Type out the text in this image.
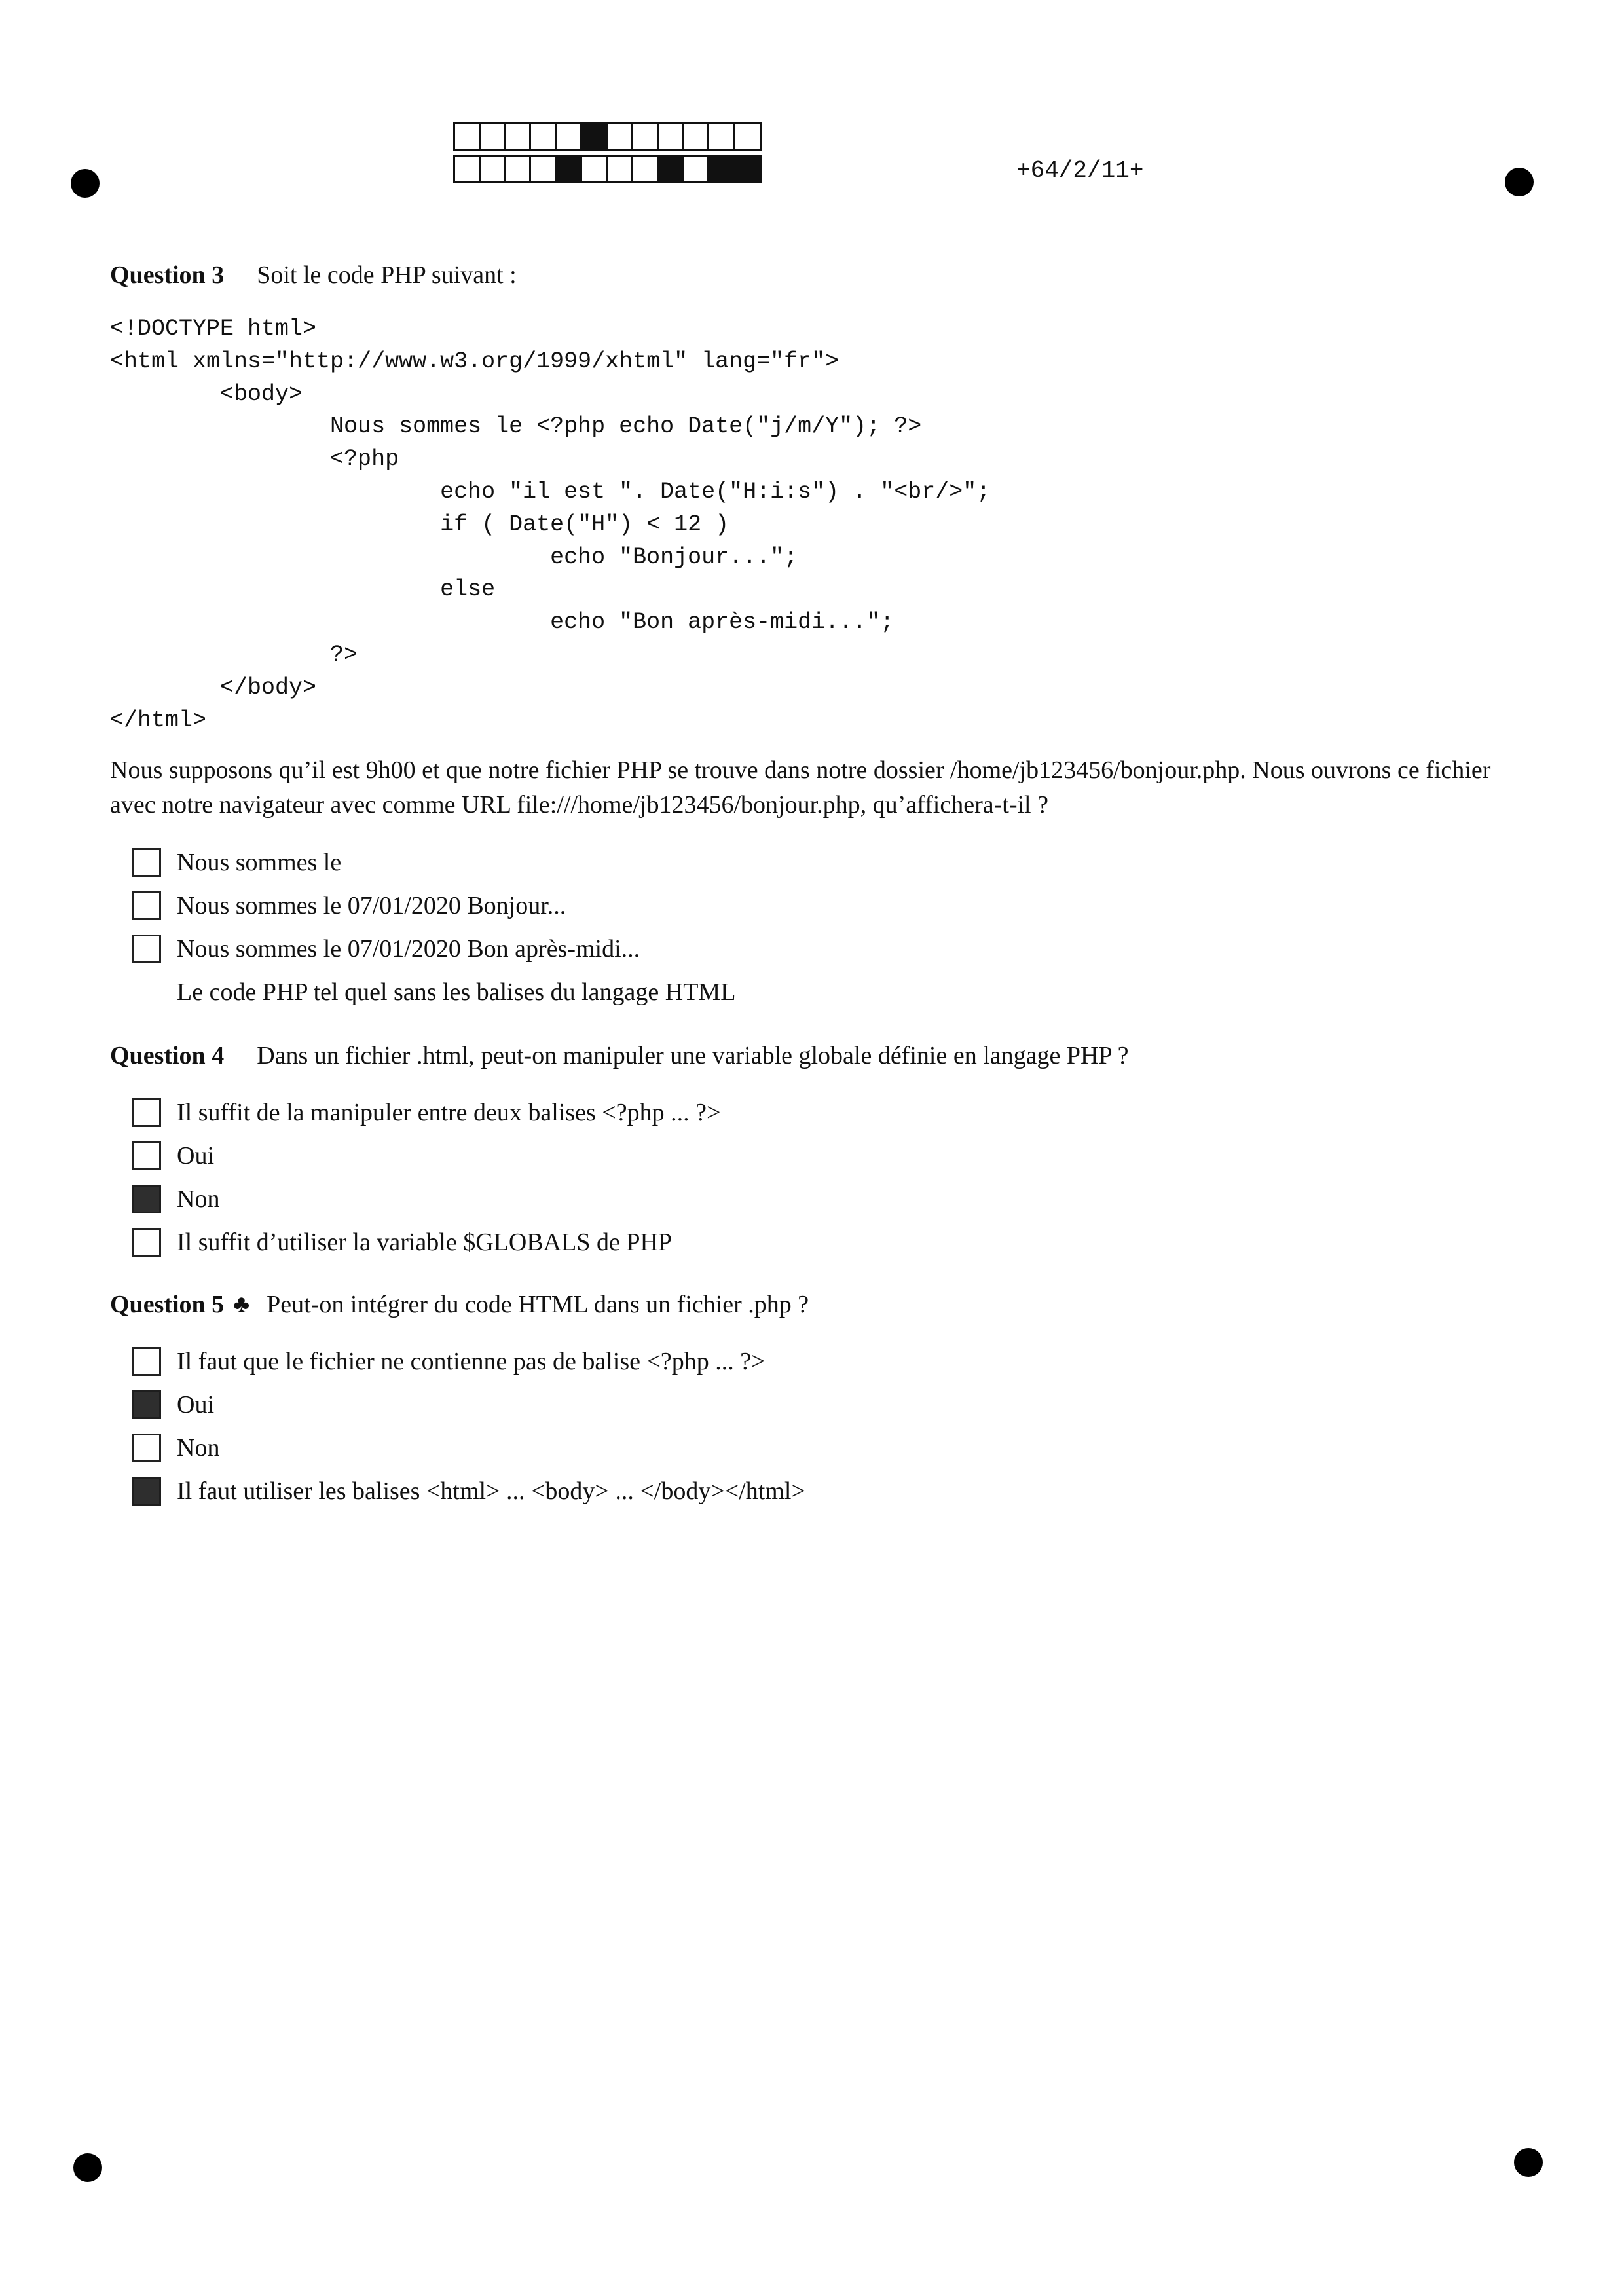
+64/2/11+
Question 3 Soit le code PHP suivant :
<!DOCTYPE html>
<html xmlns="http://www.w3.org/1999/xhtml" lang="fr">
<body>
Nous sommes le <?php echo Date("j/m/Y"); ?>
<?php
echo "il est ". Date("H:i:s") . "<br/>";
if ( Date("H") < 12 )
echo "Bonjour...";
else
echo "Bon après-midi...";
?>
</body>
</html>

Nous supposons qu’il est 9h00 et que notre fichier PHP se trouve dans notre dossier /home/jb123456/bonjour.php. Nous ouvrons ce fichier avec notre navigateur avec comme URL file:///home/jb123456/bonjour.php, qu’affichera-t-il ?

Nous sommes le
Nous sommes le 07/01/2020 Bonjour...
Nous sommes le 07/01/2020 Bon après-midi...
Le code PHP tel quel sans les balises du langage HTML
Question 4 Dans un fichier .html, peut-on manipuler une variable globale définie en langage PHP ?
Il suffit de la manipuler entre deux balises <?php ... ?>
Oui
Non
Il suffit d’utiliser la variable $GLOBALS de PHP
Question 5 ♣ Peut-on intégrer du code HTML dans un fichier .php ?
Il faut que le fichier ne contienne pas de balise <?php ... ?>
Oui
Non
Il faut utiliser les balises <html> ... <body> ... </body></html>
